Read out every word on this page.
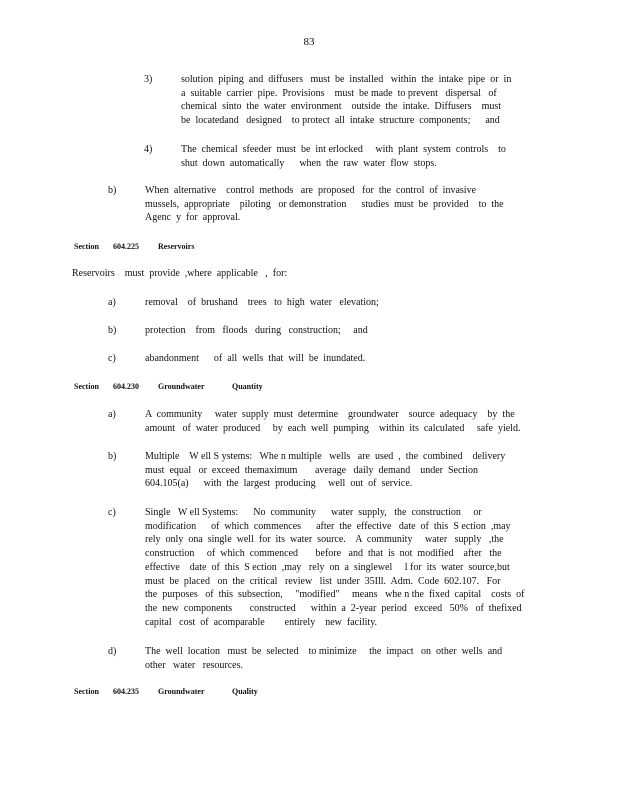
83
3)	solution  piping  and  diffusers   must  be  installed   within  the  intake  pipe  or  in
a  suitable  carrier  pipe.  Provisions    must  be made  to prevent   dispersal   of
chemical  sinto  the  water  environment    outside  the  intake.  Diffusers    must
be  locatedand   designed    to protect  all  intake  structure  components;      and
4)	The  chemical  sfeeder  must  be  int erlocked     with  plant  system  controls    to
shut  down  automatically      when  the  raw  water  flow  stops.
b)	When  alternative    control  methods   are  proposed   for  the  control  of  invasive
mussels,  appropriate    piloting   or demonstration      studies  must  be  provided    to  the
Agenc  y  for  approval.
Section 604.225 Reservoirs
Reservoirs    must  provide  ,where  applicable   ,  for:
a)	removal    of  brushand    trees   to  high  water   elevation;
b)	protection    from   floods   during   construction;     and
c)	abandonment      of  all  wells  that  will  be  inundated.
Section 604.230 Groundwater	Quantity
a)	A  community     water  supply  must  determine    groundwater    source  adequacy    by  the
amount   of  water  produced     by  each  well  pumping    within  its  calculated     safe  yield.
b)	Multiple    W ell S ystems:   Whe n multiple   wells   are  used  ,  the  combined    delivery
must  equal   or  exceed  themaximum       average   daily  demand    under  Section
604.105(a)      with  the  largest  producing     well  out  of  service.
c)	Single   W ell Systems:      No  community      water  supply,   the  construction     or
modification      of  which  commences      after  the  effective   date  of  this  S ection  ,may
rely  only  ona  single  well  for  its  water  source.    A  community     water   supply   ,the
construction     of  which  commenced       before   and  that  is  not  modified    after   the
effective    date  of  this  S ection  ,may   rely  on  a  singlewel     l for  its  water  source,but
must  be  placed   on  the  critical   review   list  under  35Ill.  Adm.  Code  602.107.   For
the  purposes   of  this  subsection,     "modified"     means   whe n the  fixed  capital    costs  of
the  new  components       constructed      within  a  2-year  period   exceed   50%   of  thefixed
capital   cost  of  acomparable        entirely    new  facility.
d)	The  well  location   must  be  selected    to minimize     the  impact   on  other  wells  and
other   water   resources.
Section 604.235 Groundwater	Quality
